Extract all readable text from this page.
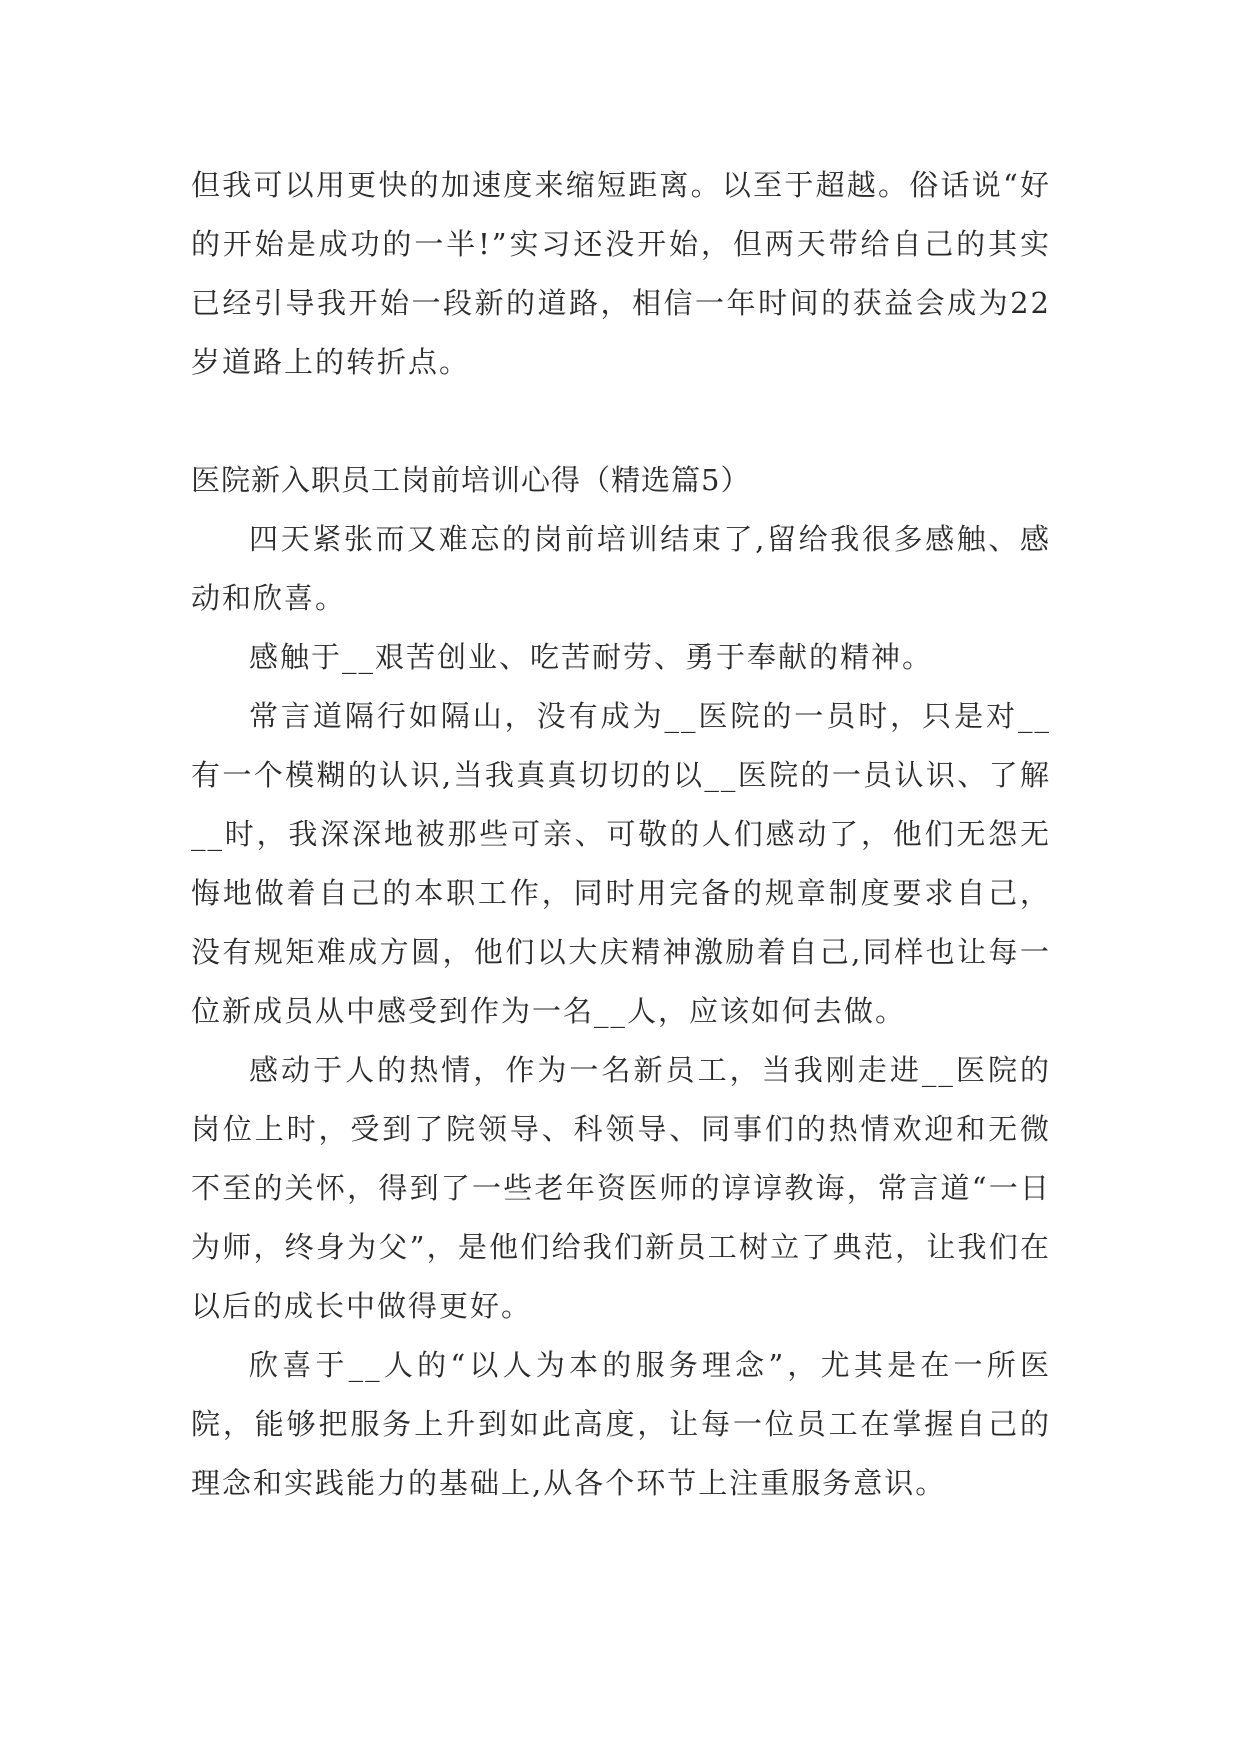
但我可以用更快的加速度来缩短距离。以至于超越。俗话说“好的开始是成功的一半!”实习还没开始，但两天带给自己的其实已经引导我开始一段新的道路，相信一年时间的获益会成为22岁道路上的转折点。

医院新入职员工岗前培训心得（精选篇5）

四天紧张而又难忘的岗前培训结束了,留给我很多感触、感动和欣喜。

感触于__艰苦创业、吃苦耐劳、勇于奉献的精神。

常言道隔行如隔山，没有成为__医院的一员时，只是对__有一个模糊的认识,当我真真切切的以__医院的一员认识、了解__时，我深深地被那些可亲、可敬的人们感动了，他们无怨无悔地做着自己的本职工作，同时用完备的规章制度要求自己，没有规矩难成方圆，他们以大庆精神激励着自己,同样也让每一位新成员从中感受到作为一名__人，应该如何去做。

感动于人的热情，作为一名新员工，当我刚走进__医院的岗位上时，受到了院领导、科领导、同事们的热情欢迎和无微不至的关怀，得到了一些老年资医师的谆谆教诲，常言道“一日为师，终身为父”，是他们给我们新员工树立了典范，让我们在以后的成长中做得更好。

欣喜于__人的“以人为本的服务理念”，尤其是在一所医院，能够把服务上升到如此高度，让每一位员工在掌握自己的理念和实践能力的基础上,从各个环节上注重服务意识。
